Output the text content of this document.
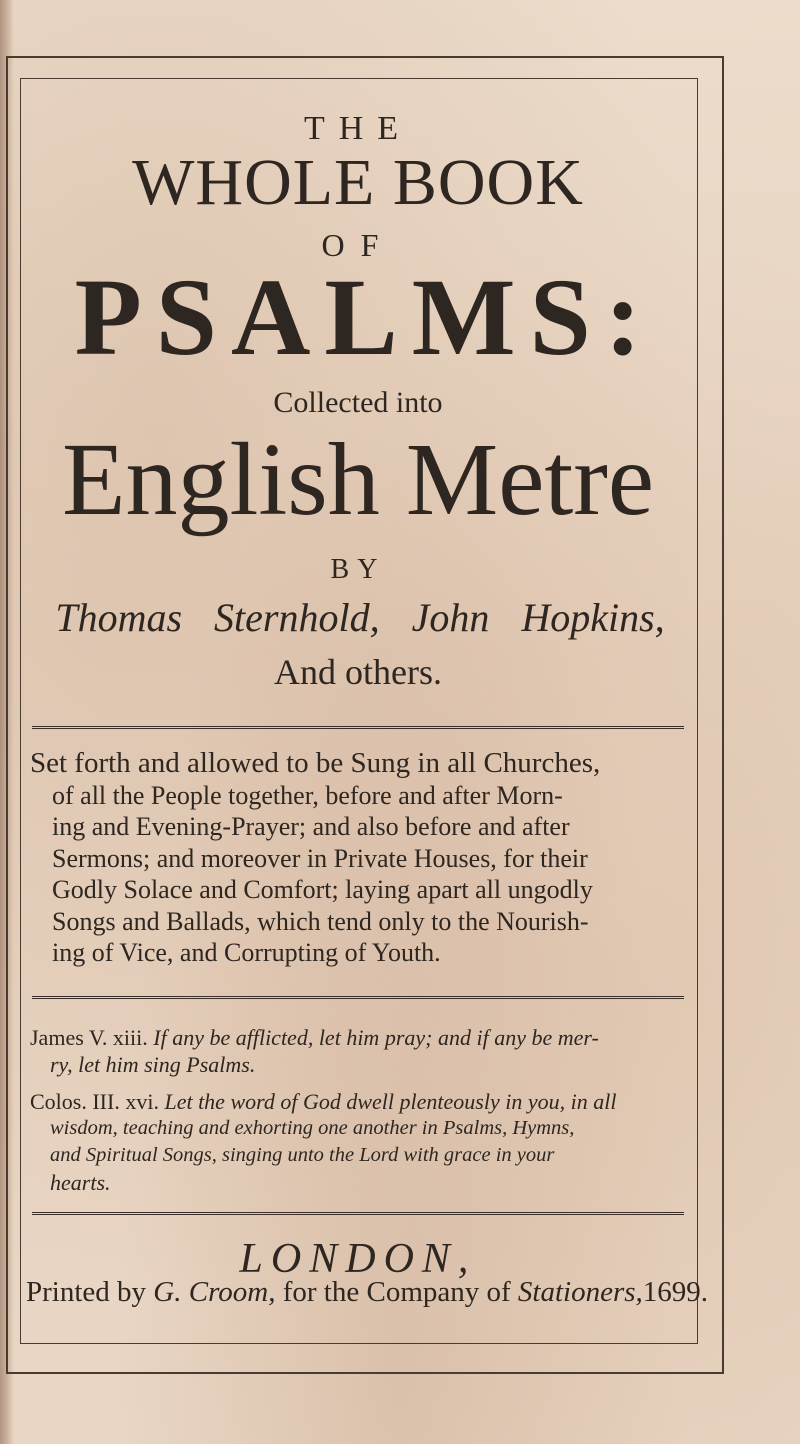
THE
WHOLE BOOK
OF
PSALMS:
Collected into
English Metre
BY
Thomas Sternhold, John Hopkins,
And others.
Set forth and allowed to be Sung in all Churches,
of all the People together, before and after Morn-
ing and Evening-Prayer; and also before and after
Sermons; and moreover in Private Houses, for their
Godly Solace and Comfort; laying apart all ungodly
Songs and Ballads, which tend only to the Nourish-
ing of Vice, and Corrupting of Youth.
James V. xiii. If any be afflicted, let him pray; and if any be mer-
ry, let him sing Psalms.
Colos. III. xvi. Let the word of God dwell plenteously in you, in all
wisdom, teaching and exhorting one another in Psalms, Hymns,
and Spiritual Songs, singing unto the Lord with grace in your
hearts.
LONDON,
Printed by G. Croom, for the Company of Stationers,1699.
